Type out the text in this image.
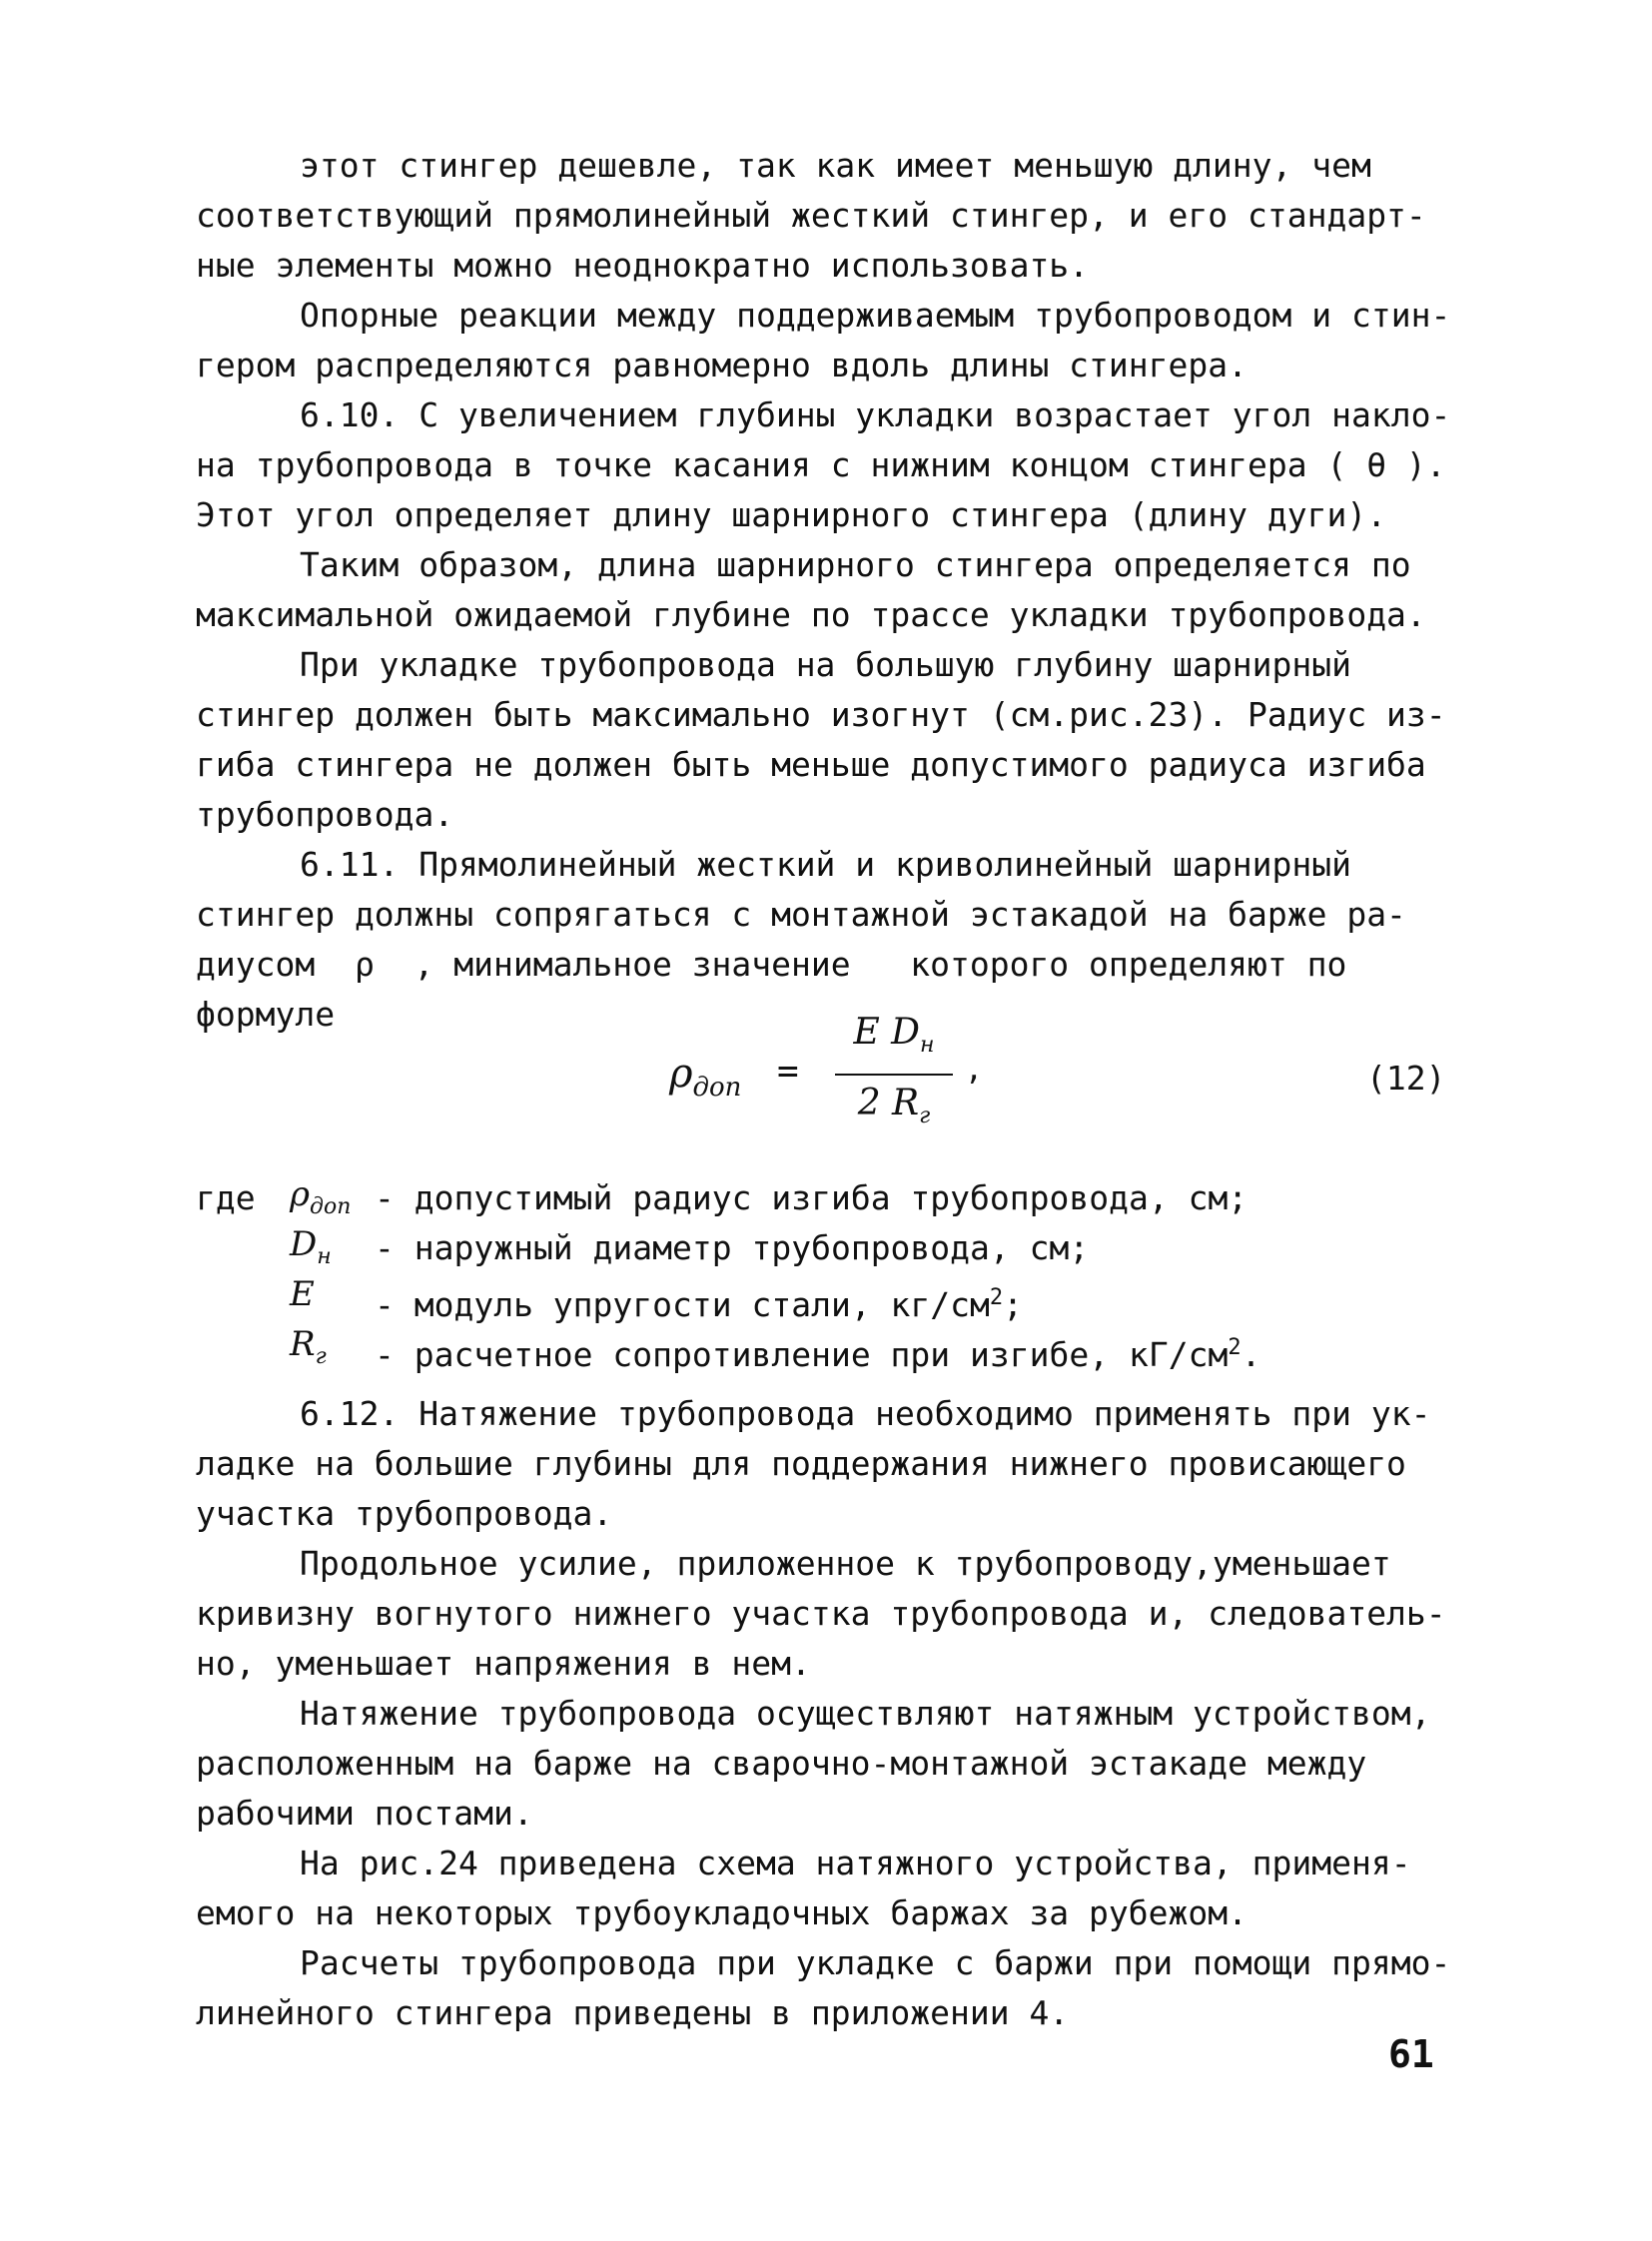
этот стингер дешевле, так как имеет меньшую длину, чем
соответствующий прямолинейный жесткий стингер, и его стандарт-
ные элементы можно неоднократно использовать.
Опорные реакции между поддерживаемым трубопроводом и стин-
гером распределяются равномерно вдоль длины стингера.
6.10. С увеличением глубины укладки возрастает угол накло-
на трубопровода в точке касания с нижним концом стингера ( θ ).
Этот угол определяет длину шарнирного стингера (длину дуги).
Таким образом, длина шарнирного стингера определяется по
максимальной ожидаемой глубине по трассе укладки трубопровода.
При укладке трубопровода на большую глубину шарнирный
стингер должен быть максимально изогнут (см.рис.23). Радиус из-
гиба стингера не должен быть меньше допустимого радиуса изгиба
трубопровода.
6.11. Прямолинейный жесткий и криволинейный шарнирный
стингер должны сопрягаться с монтажной эстакадой на барже ра-
диусом  ρ  , минимальное значение   которого определяют по
формуле
$\rho_{доп}$ =
E $D_н$
2 $R_г$
,	(12)
где $\rho_{доп}$ - допустимый радиус изгиба трубопровода, см;
$D_н$ - наружный диаметр трубопровода, см;
E - модуль упругости стали, $кг/см^2$;
$R_г$ - расчетное сопротивление при изгибе, $кГ/см^2$.
6.12. Натяжение трубопровода необходимо применять при ук-
ладке на большие глубины для поддержания нижнего провисающего
участка трубопровода.
Продольное усилие, приложенное к трубопроводу,уменьшает
кривизну вогнутого нижнего участка трубопровода и, следователь-
но, уменьшает напряжения в нем.
Натяжение трубопровода осуществляют натяжным устройством,
расположенным на барже на сварочно-монтажной эстакаде между
рабочими постами.
На рис.24 приведена схема натяжного устройства, применя-
емого на некоторых трубоукладочных баржах за рубежом.
Расчеты трубопровода при укладке с баржи при помощи прямо-
линейного стингера приведены в приложении 4.
61
